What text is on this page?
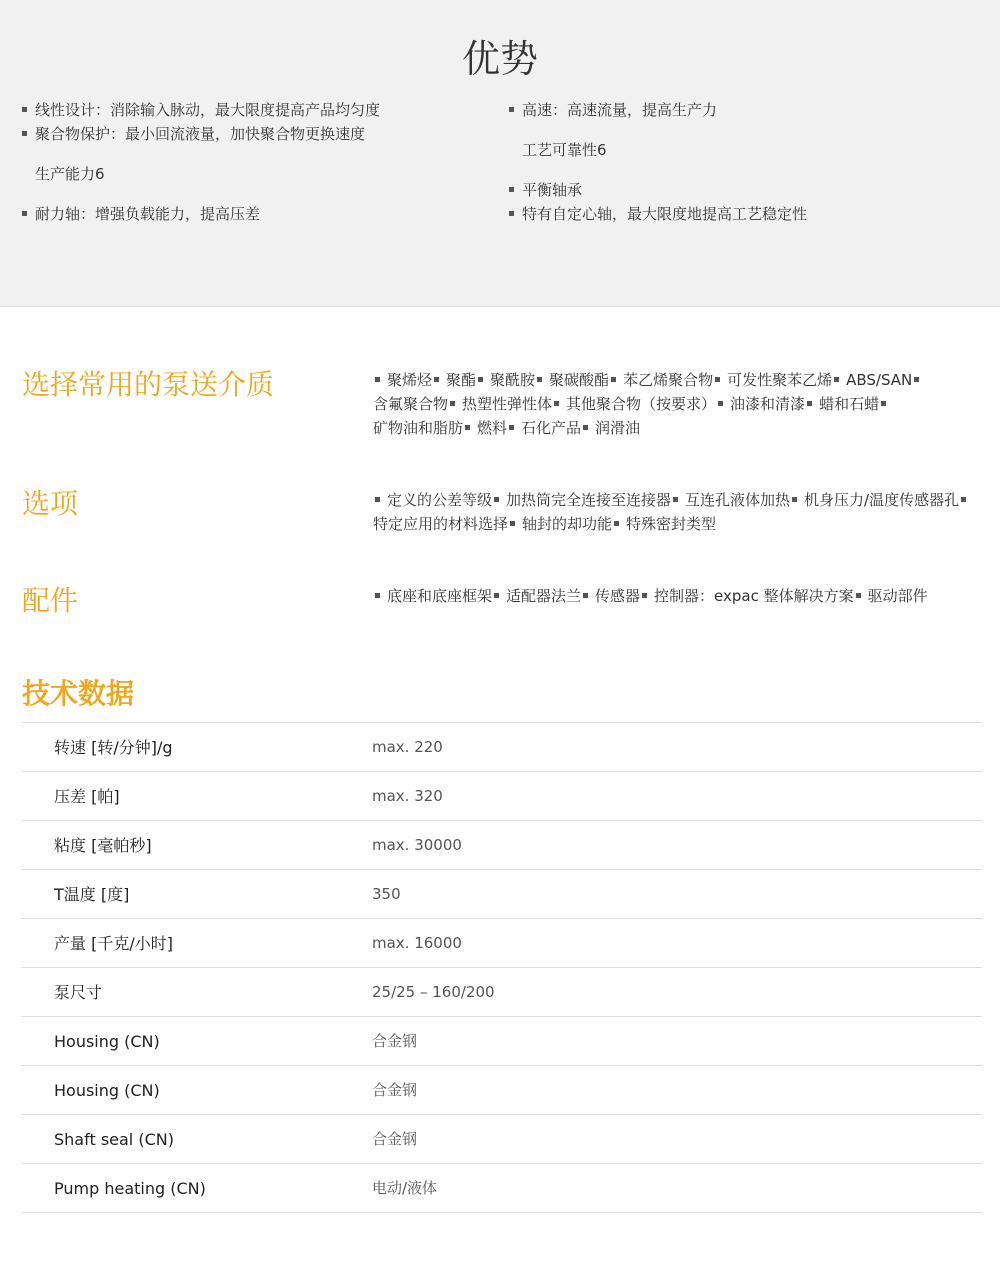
优势
线性设计：消除输入脉动，最大限度提高产品均匀度
聚合物保护：最小回流液量，加快聚合物更换速度
生产能力6
耐力轴：增强负载能力，提高压差
高速：高速流量，提高生产力
工艺可靠性6
平衡轴承
特有自定心轴，最大限度地提高工艺稳定性
选择常用的泵送介质	聚烯烃 聚酯 聚酰胺 聚碳酸酯 苯乙烯聚合物 可发性聚苯乙烯 ABS/SAN含氟聚合物 热塑性弹性体 其他聚合物（按要求） 油漆和清漆 蜡和石蜡矿物油和脂肪 燃料 石化产品 润滑油
选项	定义的公差等级 加热筒完全连接至连接器 互连孔液体加热 机身压力/温度传感器孔特定应用的材料选择 轴封的却功能 特殊密封类型
配件	底座和底座框架 适配器法兰 传感器 控制器：expac 整体解决方案 驱动部件
技术数据
转速 [转/分钟]/g	max. 220
压差 [帕]	max. 320
粘度 [毫帕秒]	max. 30000
T温度 [度]	350
产量 [千克/小时]	max. 16000
泵尺寸	25/25 – 160/200
Housing (CN)	合金钢
Housing (CN)	合金钢
Shaft seal (CN)	合金钢
Pump heating (CN)	电动/液体
